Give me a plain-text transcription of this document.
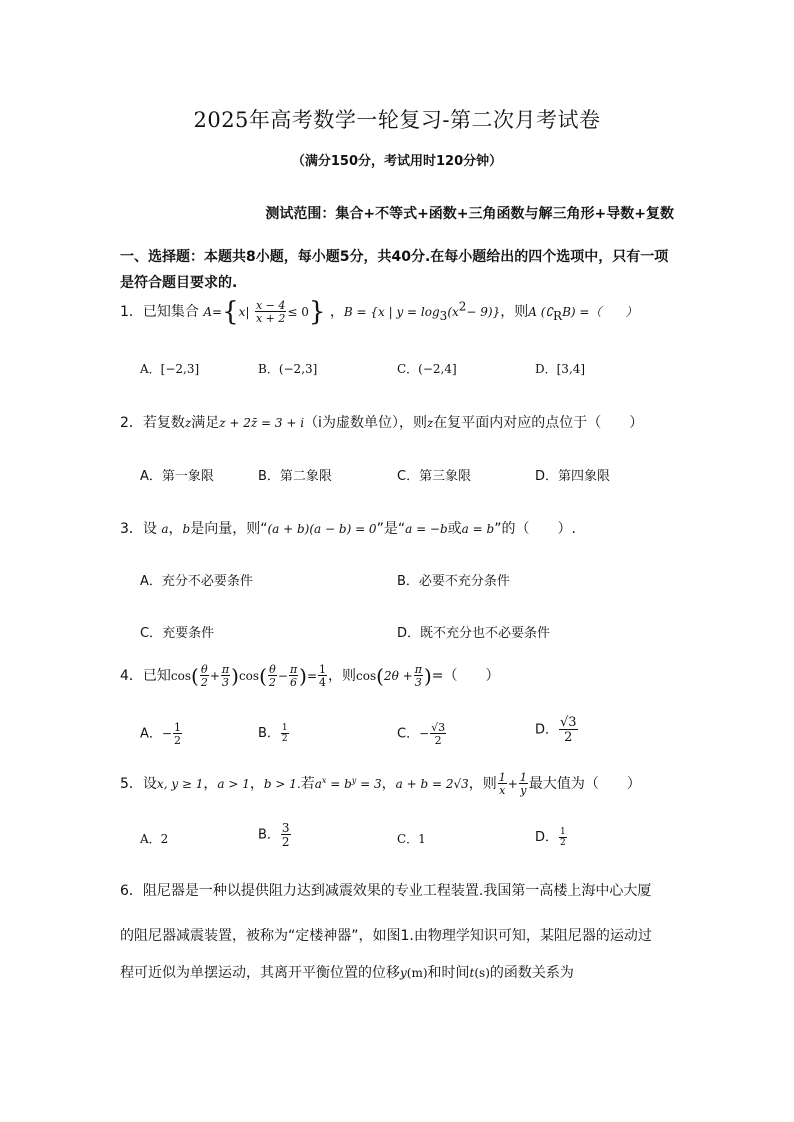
2025年高考数学一轮复习-第二次月考试卷
（满分150分，考试用时120分钟）
测试范围：集合+不等式+函数+三角函数与解三角形+导数+复数
一、选择题：本题共8小题，每小题5分，共40分.在每小题给出的四个选项中，只有一项是符合题目要求的.
1．已知集合 $A=\{x| \frac{x - 4}{x + 2} \le 0\}$ ，B = {x | $y = \log_3(x^2- 9)$}，则A $(∁_RB)$ =（　　）
A．[−2,3]	B．(−2,3]	C．(−2,4]	D．[3,4]
2．若复数z满足z + 2z̄ = 3 + i（i为虚数单位），则z在复平面内对应的点位于（　　）
A．第一象限	B．第二象限	C．第三象限	D．第四象限
3．设 a，b是向量，则“(a + b)(a − b) = 0”是“a = −b或a = b”的（　　）.
A．充分不必要条件	B．必要不充分条件
C．充要条件	D．既不充分也不必要条件
4．已知$\cos( \frac{\theta}{2} + \frac{\pi}{3} )\cos( \frac{\theta}{2} - \frac{\pi}{6}$ )= $\frac{1}{4}$ ，则$\cos(2\theta + \frac{\pi}{3}$ )=（　　）
A．− $\frac{1}{2}$	B． $\frac{1}{2}$	C．− $\frac{√3}{2}$	D． $\frac{√3}{2}$
5．设x, y ≥ 1，a > 1，b > 1.若$a^x = b^y = 3$，a + b = 2√3，则 $\frac{1}{x} + \frac{1}{y}$ 最大值为（　　）
A．2	B． $\frac{3}{2}$	C．1	D． $\frac{1}{2}$
6．阻尼器是一种以提供阻力达到减震效果的专业工程装置.我国第一高楼上海中心大厦
的阻尼器减震装置，被称为“定楼神器”，如图1.由物理学知识可知，某阻尼器的运动过
程可近似为单摆运动，其离开平衡位置的位移y(m)和时间t(s)的函数关系为
